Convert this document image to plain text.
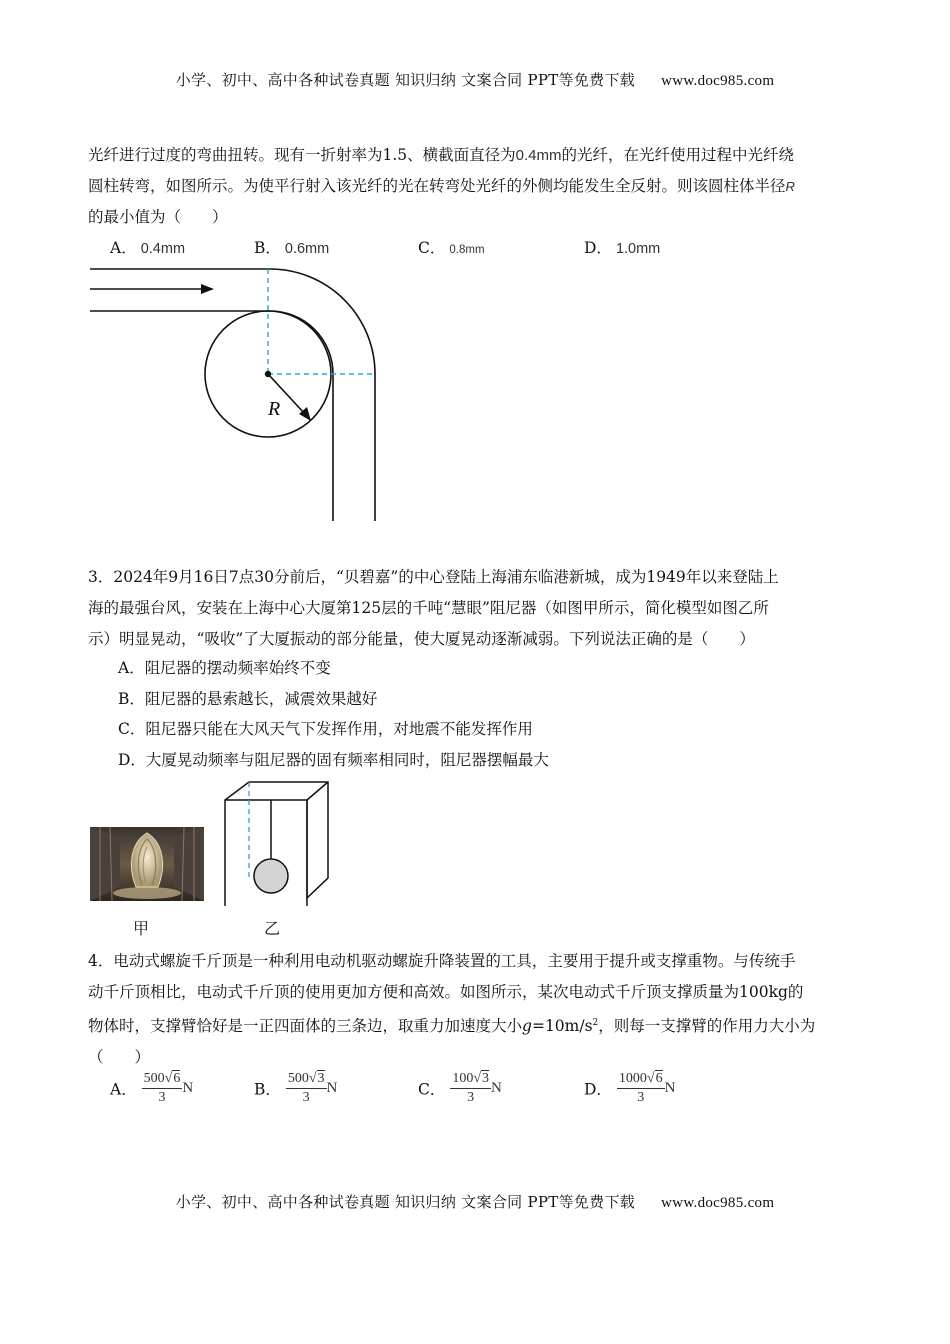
小学、初中、高中各种试卷真题 知识归纳 文案合同 PPT等免费下载 www.doc985.com
光纤进行过度的弯曲扭转。现有一折射率为1.5、横截面直径为0.4mm的光纤，在光纤使用过程中光纤绕
圆柱转弯，如图所示。为使平行射入该光纤的光在转弯处光纤的外侧均能发生全反射。则该圆柱体半径R
的最小值为（　　）
A． 0.4mm	B． 0.6mm	C． 0.8mm	D． 1.0mm
R
3．2024年9月16日7点30分前后，“贝碧嘉”的中心登陆上海浦东临港新城，成为1949年以来登陆上
海的最强台风，安装在上海中心大厦第125层的千吨“慧眼”阻尼器（如图甲所示，简化模型如图乙所
示）明显晃动，“吸收”了大厦振动的部分能量，使大厦晃动逐渐减弱。下列说法正确的是（　　）
A．阻尼器的摆动频率始终不变
B．阻尼器的悬索越长，减震效果越好
C．阻尼器只能在大风天气下发挥作用，对地震不能发挥作用
D．大厦晃动频率与阻尼器的固有频率相同时，阻尼器摆幅最大
甲	乙
4．电动式螺旋千斤顶是一种利用电动机驱动螺旋升降装置的工具，主要用于提升或支撑重物。与传统手
动千斤顶相比，电动式千斤顶的使用更加方便和高效。如图所示，某次电动式千斤顶支撑质量为100kg的
物体时，支撑臂恰好是一正四面体的三条边，取重力加速度大小$g=10m/s^2$，则每一支撑臂的作用力大小为
（　　）
A． $\frac{500√6}{3}$ N	B． $\frac{500√3}{3}$ N	C． $\frac{100√3}{3}$ N	D． $\frac{1000√6}{3}$ N
小学、初中、高中各种试卷真题 知识归纳 文案合同 PPT等免费下载 www.doc985.com
